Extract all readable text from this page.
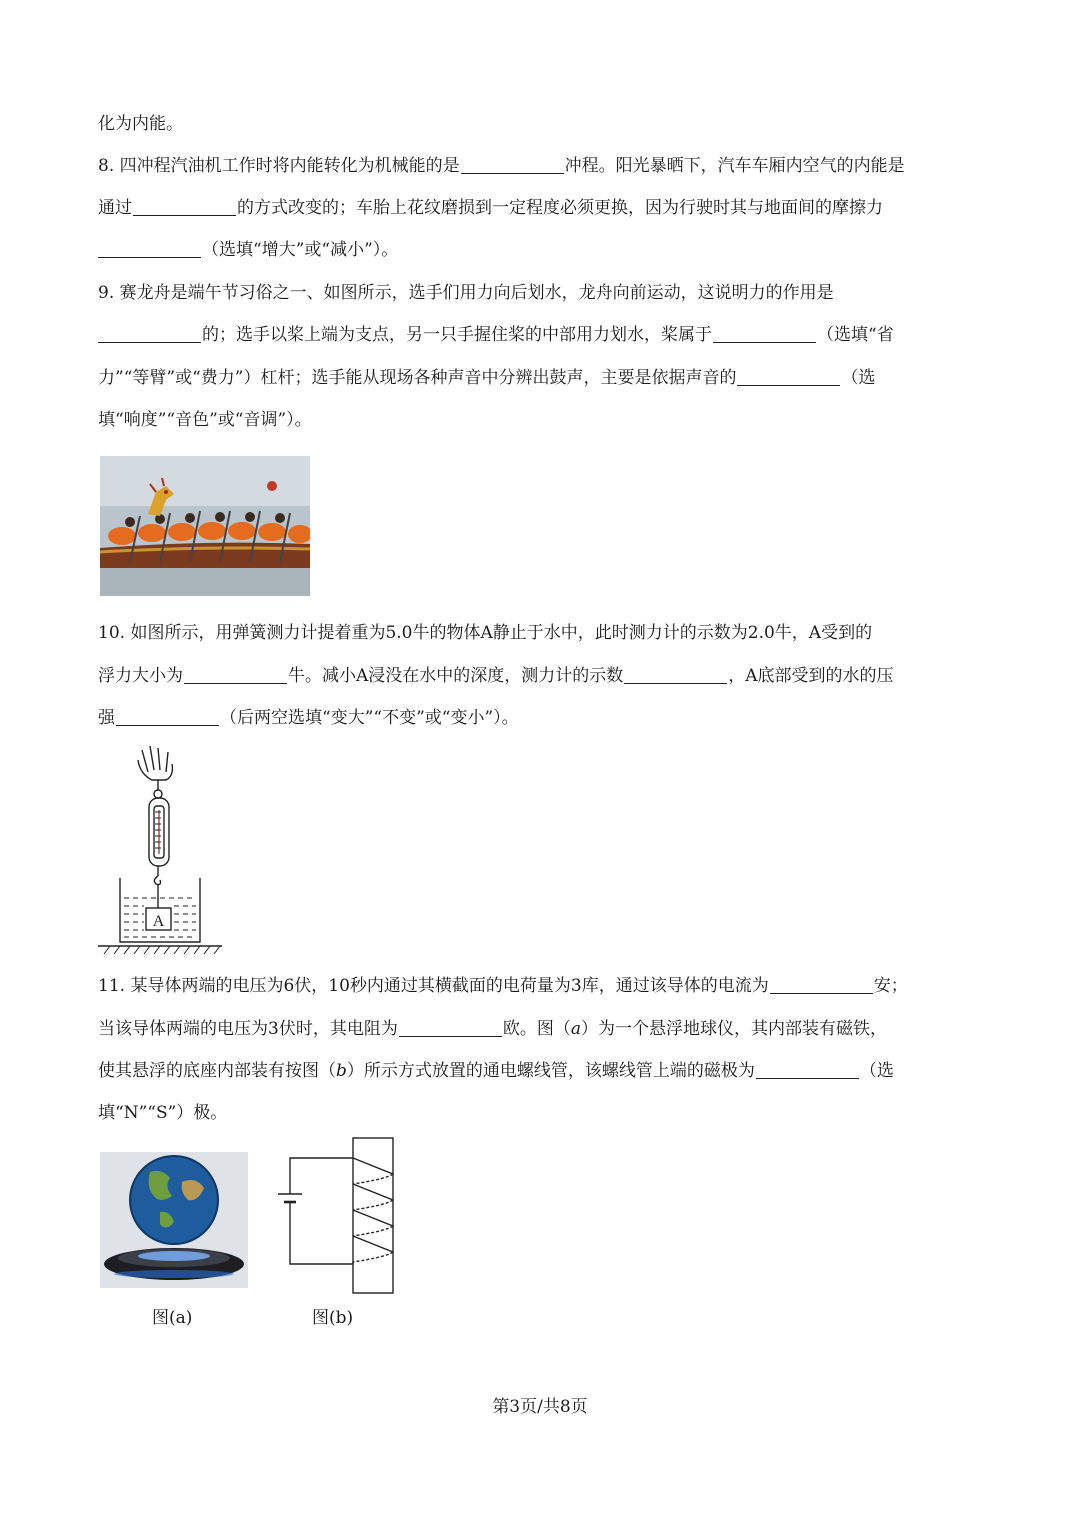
化为内能。
8. 四冲程汽油机工作时将内能转化为机械能的是	冲程。阳光暴晒下，汽车车厢内空气的内能是
通过	的方式改变的；车胎上花纹磨损到一定程度必须更换，因为行驶时其与地面间的摩擦力
（选填“增大”或“减小”）。
9. 赛龙舟是端午节习俗之一、如图所示，选手们用力向后划水，龙舟向前运动，这说明力的作用是
的；选手以桨上端为支点，另一只手握住桨的中部用力划水，桨属于	（选填“省
力”“等臂”或“费力”）杠杆；选手能从现场各种声音中分辨出鼓声，主要是依据声音的	（选
填“响度”“音色”或“音调”）。
10. 如图所示，用弹簧测力计提着重为5.0牛的物体A静止于水中，此时测力计的示数为2.0牛，A受到的
浮力大小为	牛。减小A浸没在水中的深度，测力计的示数	，A底部受到的水的压
强	（后两空选填“变大”“不变”或“变小”）。
A
11. 某导体两端的电压为6伏，10秒内通过其横截面的电荷量为3库，通过该导体的电流为	安；
当该导体两端的电压为3伏时，其电阻为	欧。图（a）为一个悬浮地球仪，其内部装有磁铁，
使其悬浮的底座内部装有按图（b）所示方式放置的通电螺线管，该螺线管上端的磁极为	（选
填“N”“S”）极。
图(a)	图(b)
第3页/共8页
